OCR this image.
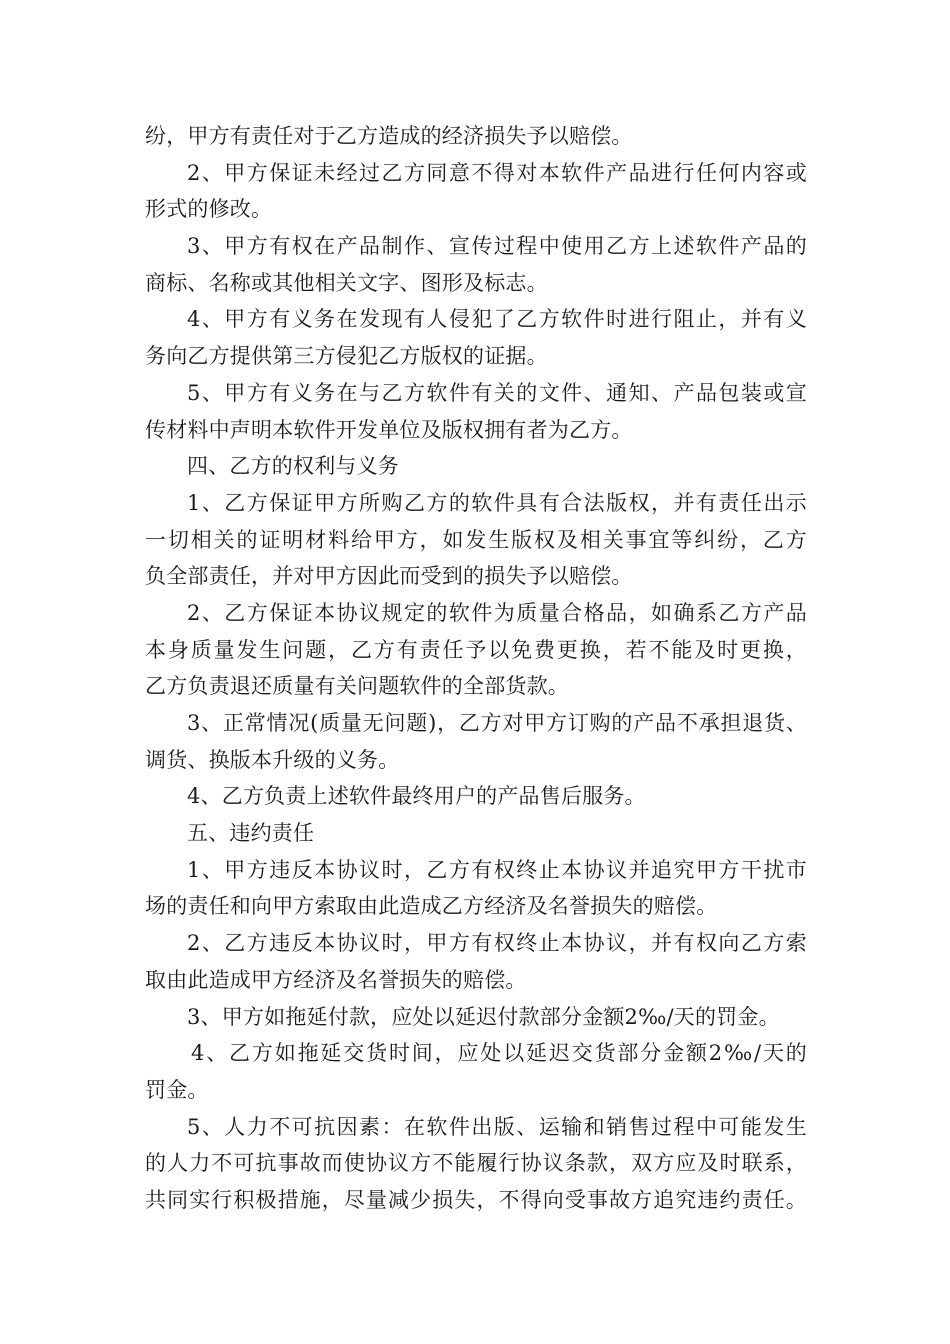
纷，甲方有责任对于乙方造成的经济损失予以赔偿。
2、甲方保证未经过乙方同意不得对本软件产品进行任何内容或
形式的修改。
3、甲方有权在产品制作、宣传过程中使用乙方上述软件产品的
商标、名称或其他相关文字、图形及标志。
4、甲方有义务在发现有人侵犯了乙方软件时进行阻止，并有义
务向乙方提供第三方侵犯乙方版权的证据。
5、甲方有义务在与乙方软件有关的文件、通知、产品包装或宣
传材料中声明本软件开发单位及版权拥有者为乙方。
四、乙方的权利与义务
1、乙方保证甲方所购乙方的软件具有合法版权，并有责任出示
一切相关的证明材料给甲方，如发生版权及相关事宜等纠纷，乙方
负全部责任，并对甲方因此而受到的损失予以赔偿。
2、乙方保证本协议规定的软件为质量合格品，如确系乙方产品
本身质量发生问题，乙方有责任予以免费更换，若不能及时更换，
乙方负责退还质量有关问题软件的全部货款。
3、正常情况(质量无问题)，乙方对甲方订购的产品不承担退货、
调货、换版本升级的义务。
4、乙方负责上述软件最终用户的产品售后服务。
五、违约责任
1、甲方违反本协议时，乙方有权终止本协议并追究甲方干扰市
场的责任和向甲方索取由此造成乙方经济及名誉损失的赔偿。
2、乙方违反本协议时，甲方有权终止本协议，并有权向乙方索
取由此造成甲方经济及名誉损失的赔偿。
3、甲方如拖延付款，应处以延迟付款部分金额2‰/天的罚金。
4、乙方如拖延交货时间，应处以延迟交货部分金额2‰/天的
罚金。
5、人力不可抗因素：在软件出版、运输和销售过程中可能发生
的人力不可抗事故而使协议方不能履行协议条款，双方应及时联系，
共同实行积极措施，尽量减少损失，不得向受事故方追究违约责任。
